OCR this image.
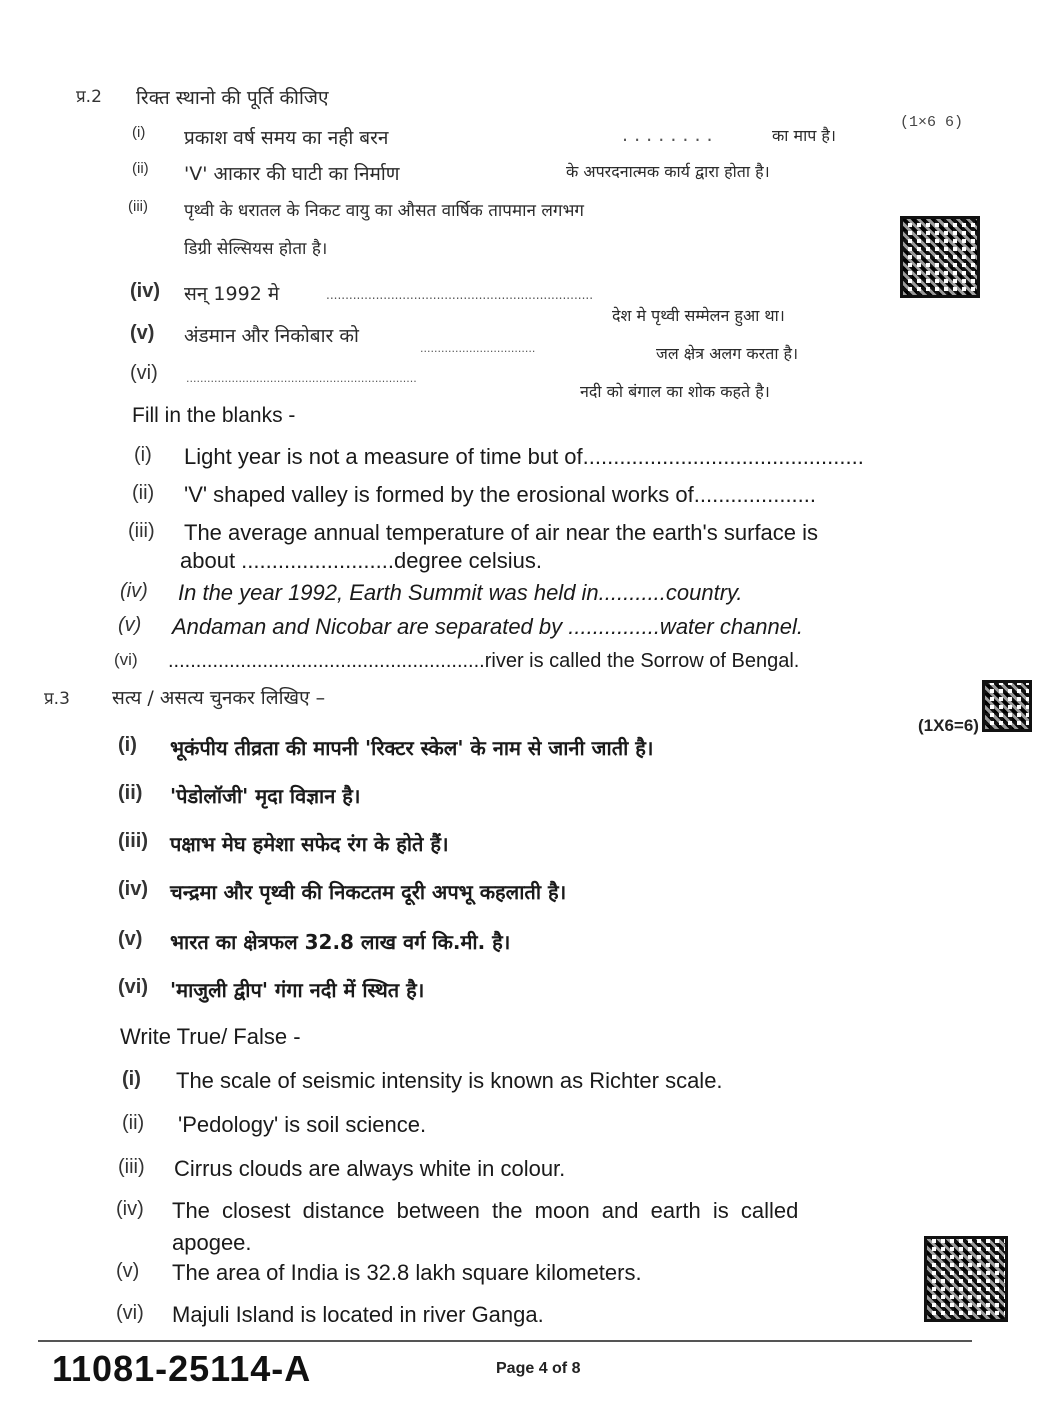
प्र.2 रिक्त स्थानो की पूर्ति कीजिए
(1×6 6)
(i) प्रकाश वर्ष समय का नही बरन	. . . . . . . .	का माप है।
(ii) 'V' आकार की घाटी का निर्माण	के अपरदनात्मक कार्य द्वारा होता है।
(iii) पृथ्वी के धरातल के निकट वायु का औसत वार्षिक तापमान लगभग
डिग्री सेल्सियस होता है।
(iv) सन् 1992 मे	......................................................................
देश मे पृथ्वी सम्मेलन हुआ था।
(v) अंडमान और निकोबार को
.................................	जल क्षेत्र अलग करता है।
(vi)	..................................................................
नदी को बंगाल का शोक कहते है।
Fill in the blanks -
(i) Light year is not a measure of time but of..............................................
(ii) 'V' shaped valley is formed by the erosional works of....................
(iii) The average annual temperature of air near the earth's surface is
about .........................degree celsius.
(iv) In the year 1992, Earth Summit was held in...........country.
(v) Andaman and Nicobar are separated by ...............water channel.
(vi) .........................................................river is called the Sorrow of Bengal.
प्र.3 सत्य / असत्य चुनकर लिखिए –
(1X6=6)
(i) भूकंपीय तीव्रता की मापनी 'रिक्टर स्केल' के नाम से जानी जाती है।
(ii) 'पेडोलॉजी' मृदा विज्ञान है।
(iii) पक्षाभ मेघ हमेशा सफेद रंग के होते हैं।
(iv) चन्द्रमा और पृथ्वी की निकटतम दूरी अपभू कहलाती है।
(v) भारत का क्षेत्रफल 32.8 लाख वर्ग कि.मी. है।
(vi) 'माजुली द्वीप' गंगा नदी में स्थित है।
Write True/ False -
(i) The scale of seismic intensity is known as Richter scale.
(ii) 'Pedology' is soil science.
(iii) Cirrus clouds are always white in colour.
(iv) The closest distance between the moon and earth is called
apogee.
(v) The area of India is 32.8 lakh square kilometers.
(vi) Majuli Island is located in river Ganga.
11081-25114-A	Page 4 of 8
